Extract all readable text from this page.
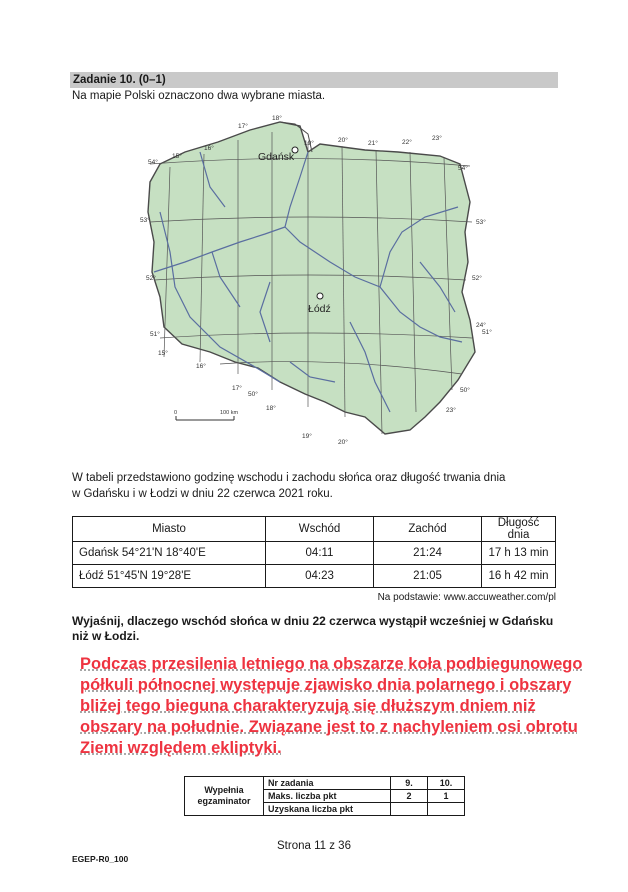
Zadanie 10. (0–1)
Na mapie Polski oznaczono dwa wybrane miasta.
Gdańsk
Łódź
17°
18°
19°	20°	21°	22°
23°
54°
53°
52°
51°
54°
53°
52°
51°
50°
15°
16°
24°
15°
16°
17°
18°
19°
20°
23°
50°
0	100 km
W tabeli przedstawiono godzinę wschodu i zachodu słońca oraz długość trwania dnia
w Gdańsku i w Łodzi w dniu 22 czerwca 2021 roku.
Miasto	Wschód	Zachód	Długość dnia
Gdańsk 54°21'N 18°40'E	04:11	21:24	17 h 13 min
Łódź 51°45'N 19°28'E	04:23	21:05	16 h 42 min
Na podstawie: www.accuweather.com/pl
Wyjaśnij, dlaczego wschód słońca w dniu 22 czerwca wystąpił wcześniej w Gdańsku niż w Łodzi.
Podczas przesilenia letniego na obszarze koła podbiegunowego półkuli północnej występuje zjawisko dnia polarnego i obszary bliżej tego bieguna charakteryzują się dłuższym dniem niż obszary na południe. Związane jest to z nachyleniem osi obrotu Ziemi względem ekliptyki.
Wypełnia egzaminator	Nr zadania	9.	10.
	Maks. liczba pkt	2	1
	Uzyskana liczba pkt		
Strona 11 z 36
EGEP-R0_100
